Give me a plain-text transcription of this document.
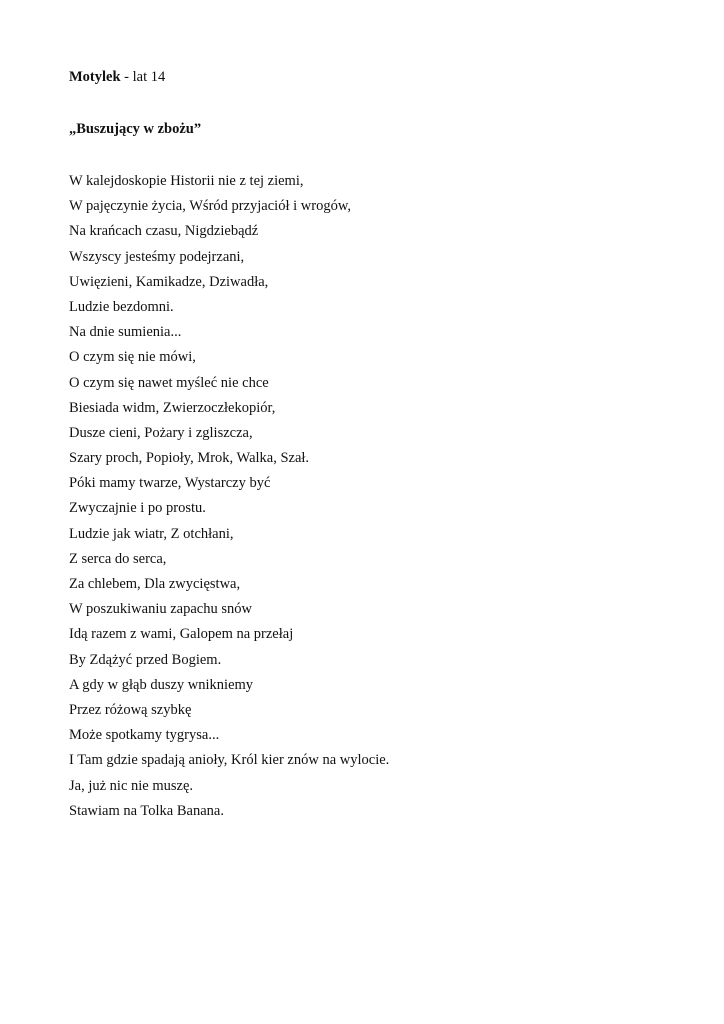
Motylek - lat 14
„Buszujący w zbożu”
W kalejdoskopie Historii nie z tej ziemi,
W pajęczynie życia, Wśród przyjaciół i wrogów,
Na krańcach czasu, Nigdziebądź
Wszyscy jesteśmy podejrzani,
Uwięzieni, Kamikadze, Dziwadła,
Ludzie bezdomni.
Na dnie sumienia...
O czym się nie mówi,
O czym się nawet myśleć nie chce
Biesiada widm, Zwierzoczłekopiór,
Dusze cieni, Pożary i zgliszcza,
Szary proch, Popioły, Mrok, Walka, Szał.
Póki mamy twarze, Wystarczy być
Zwyczajnie i po prostu.
Ludzie jak wiatr, Z otchłani,
Z serca do serca,
Za chlebem, Dla zwycięstwa,
W poszukiwaniu zapachu snów
Idą razem z wami, Galopem na przełaj
By Zdążyć przed Bogiem.
A gdy w głąb duszy wnikniemy
Przez różową szybkę
Może spotkamy tygrysa...
I Tam gdzie spadają anioły, Król kier znów na wylocie.
Ja, już nic nie muszę.
Stawiam na Tolka Banana.
